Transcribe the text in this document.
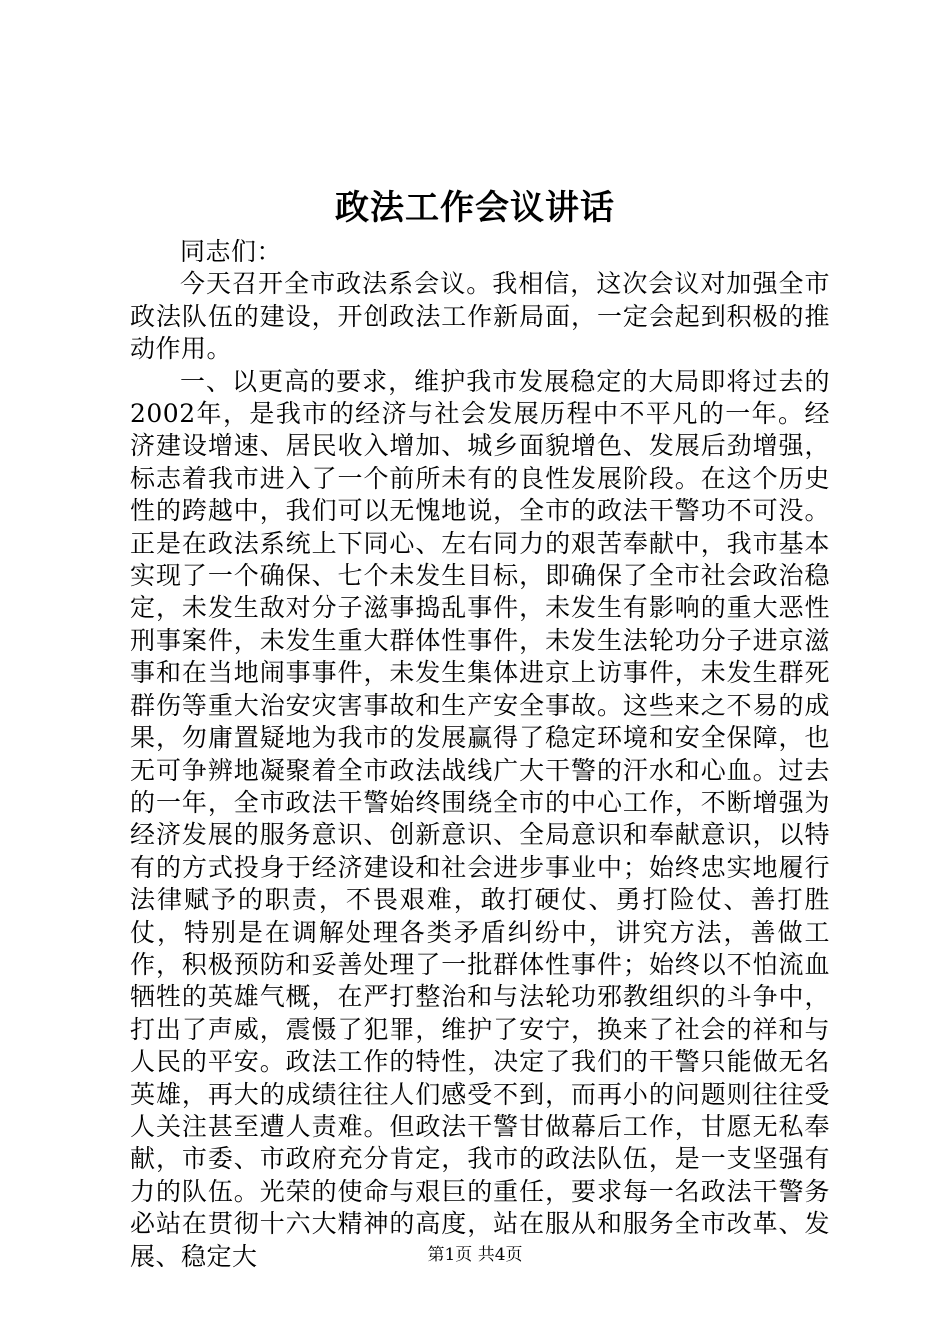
政法工作会议讲话

同志们：

今天召开全市政法系会议。我相信，这次会议对加强全市政法队伍的建设，开创政法工作新局面，一定会起到积极的推动作用。

一、以更高的要求，维护我市发展稳定的大局即将过去的2002年，是我市的经济与社会发展历程中不平凡的一年。经济建设增速、居民收入增加、城乡面貌增色、发展后劲增强，标志着我市进入了一个前所未有的良性发展阶段。在这个历史性的跨越中，我们可以无愧地说，全市的政法干警功不可没。正是在政法系统上下同心、左右同力的艰苦奉献中，我市基本实现了一个确保、七个未发生目标，即确保了全市社会政治稳定，未发生敌对分子滋事捣乱事件，未发生有影响的重大恶性刑事案件，未发生重大群体性事件，未发生法轮功分子进京滋事和在当地闹事事件，未发生集体进京上访事件，未发生群死群伤等重大治安灾害事故和生产安全事故。这些来之不易的成果，勿庸置疑地为我市的发展赢得了稳定环境和安全保障，也无可争辨地凝聚着全市政法战线广大干警的汗水和心血。过去的一年，全市政法干警始终围绕全市的中心工作，不断增强为经济发展的服务意识、创新意识、全局意识和奉献意识，以特有的方式投身于经济建设和社会进步事业中；始终忠实地履行法律赋予的职责，不畏艰难，敢打硬仗、勇打险仗、善打胜仗，特别是在调解处理各类矛盾纠纷中，讲究方法，善做工作，积极预防和妥善处理了一批群体性事件；始终以不怕流血牺牲的英雄气概，在严打整治和与法轮功邪教组织的斗争中，打出了声威，震慑了犯罪，维护了安宁，换来了社会的祥和与人民的平安。政法工作的特性，决定了我们的干警只能做无名英雄，再大的成绩往往人们感受不到，而再小的问题则往往受人关注甚至遭人责难。但政法干警甘做幕后工作，甘愿无私奉献，市委、市政府充分肯定，我市的政法队伍，是一支坚强有力的队伍。光荣的使命与艰巨的重任，要求每一名政法干警务必站在贯彻十六大精神的高度，站在服从和服务全市改革、发展、稳定大	第1页 共4页
